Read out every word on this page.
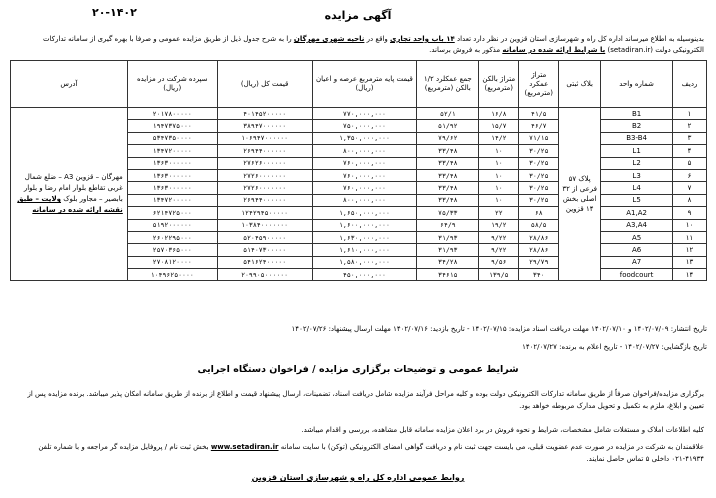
۲۰-۱۴۰۲	آگهی مزایده
بدینوسیله به اطلاع میرساند اداره کل راه و شهرسازی استان قزوین در نظر دارد تعداد ۱۴ باب واحد تجاری واقع در ناحیه شهری مهرگان را به شرح جدول ذیل از طریق مزایده عمومی و صرفا با بهره گیری از سامانه تدارکات الکترونیکی دولت (setadiran.ir) با شرایط ارائه شده در سامانه مذکور به فروش برساند.
ردیف	شماره واحد	بلاک ثبتی	متراژ عمکرد (مترمربع)	متراژ بالکن (مترمربع)	جمع عمکلرد ۱/۲ بالکن (مترمربع)	قیمت پایه مترمربع عرصه و اعیان (ریال)	قیمت کل (ریال)	سپرده شرکت در مزایده (ریال)	آدرس
۱	B1	پلاک ۵۷ فرعی از ۳۲ اصلی بخش ۱۴ قزوین	۴۱/۵	۱۶/۸	۵۲/۱	۷۷۰,۰۰۰,۰۰۰	۴۰۱۴۵۲۰۰۰۰۰	۲۰۱۷۸۰۰۰۰۰	مهرگان – قزوین A3 – ضلع شمال غربی تقاطع بلوار امام رضا و بلوار بابصیر – مجاور بلوک ولایت – طبق نقشه ارائه شده در سامانه
۲	B2		۴۶/۷	۱۵/۷	۵۱/۹۲	۷۵۰,۰۰۰,۰۰۰	۳۸۹۴۷۰۰۰۰۰۰	۱۹۴۷۳۷۵۰۰۰	
۳	B3-B4		۷۱/۱۵	۱۴/۲	۷۹/۶۲	۱,۳۵۰,۰۰۰,۰۰۰	۱۰۶۹۴۷۰۰۰۰۰۰	۵۳۴۷۳۵۰۰۰۰	
۴	L1		۳۰/۲۵	۱۰	۳۳/۴۸	۸۰۰,۰۰۰,۰۰۰	۲۶۹۴۴۰۰۰۰۰۰	۱۳۴۷۲۰۰۰۰۰	
۵	L2		۳۰/۲۵	۱۰	۳۳/۴۸	۷۶۰,۰۰۰,۰۰۰	۲۷۶۲۶۰۰۰۰۰۰	۱۳۶۳۰۰۰۰۰۰	
۶	L3		۳۰/۲۵	۱۰	۳۳/۴۸	۷۶۰,۰۰۰,۰۰۰	۲۷۲۶۰۰۰۰۰۰۰	۱۳۶۳۰۰۰۰۰۰	
۷	L4		۳۰/۲۵	۱۰	۳۳/۴۸	۷۶۰,۰۰۰,۰۰۰	۲۷۲۶۰۰۰۰۰۰۰	۱۳۶۳۰۰۰۰۰۰	
۸	L5		۳۰/۲۵	۱۰	۳۳/۴۸	۸۰۰,۰۰۰,۰۰۰	۲۶۹۴۴۰۰۰۰۰۰	۱۳۴۷۲۰۰۰۰۰	
۹	A1,A2		۶۸	۲۲	۷۵/۳۳	۱,۶۵۰,۰۰۰,۰۰۰	۱۲۴۲۹۴۵۰۰۰۰۰	۶۲۱۴۷۲۵۰۰۰	
۱۰	A3,A4		۵۸/۵	۱۹/۲	۶۴/۹	۱,۶۰۰,۰۰۰,۰۰۰	۱۰۳۸۴۰۰۰۰۰۰۰	۵۱۹۲۰۰۰۰۰۰	
۱۱	A5		۲۸/۸۶	۹/۲۲	۳۱/۹۳	۱,۶۳۰,۰۰۰,۰۰۰	۵۲۰۴۵۹۰۰۰۰۰	۲۶۰۲۲۹۵۰۰۰	
۱۲	A6		۲۸/۸۶	۹/۲۲	۳۱/۹۳	۱,۶۱۰,۰۰۰,۰۰۰	۵۱۴۰۷۳۰۰۰۰۰	۲۵۷۰۳۶۵۰۰۰	
۱۳	A7		۲۹/۷۹	۹/۵۶	۳۴/۲۸	۱,۵۸۰,۰۰۰,۰۰۰	۵۴۱۶۲۴۰۰۰۰۰	۲۷۰۸۱۲۰۰۰۰	
۱۴	foodcourt		۳۴۰	۱۳۹/۵	۳۴۶۱۵	۴۵۰,۰۰۰,۰۰۰	۲۰۹۹۰۵۰۰۰۰۰۰	۱۰۴۹۶۲۵۰۰۰۰	
تاریخ انتشار: ۱۴۰۲/۰۷/۰۹ و ۱۴۰۲/۰۷/۱۰ مهلت دریافت اسناد مزایده: ۱۴۰۲/۰۷/۱۵ - تاریخ بازدید: ۱۴۰۲/۰۷/۱۶ مهلت ارسال پیشنهاد: ۱۴۰۲/۰۷/۲۶
تاریخ بازگشایی: ۱۴۰۲/۰۷/۲۷ - تاریخ اعلام به برنده: ۱۴۰۲/۰۷/۲۷
شرایط عمومی و توضیحات برگزاری مزایده / فراخوان دستگاه اجرایی
برگزاری مزایده/فراخوان صرفاً از طریق سامانه تدارکات الکترونیکی دولت بوده و کلیه مراحل فرآیند مزایده شامل دریافت اسناد، تضمینات، ارسال پیشنهاد قیمت و اطلاع از برنده از طریق سامانه امکان پذیر میباشد. برنده مزایده پس از تعیین و ابلاغ، ملزم به تکمیل و تحویل مدارک مربوطه خواهد بود.
کلیه اطلاعات املاک و مستغلات شامل مشخصات، شرایط و نحوه فروش در برد اعلان مزایده سامانه قابل مشاهده، بررسی و اقدام میباشد.
علاقمندان به شرکت در مزایده در صورت عدم عضویت قبلی، می بایست جهت ثبت نام و دریافت گواهی امضای الکترونیکی (توکن) با سایت سامانه www.setadiran.ir بخش ثبت نام / پروفایل مزایده گر مراجعه و با شماره تلفن ۴۱۹۳۴-۰۲۱ داخلی ۵ تماس حاصل نمایند.
روابط عمومی اداره کل راه و شهرسازی استان قزوین
